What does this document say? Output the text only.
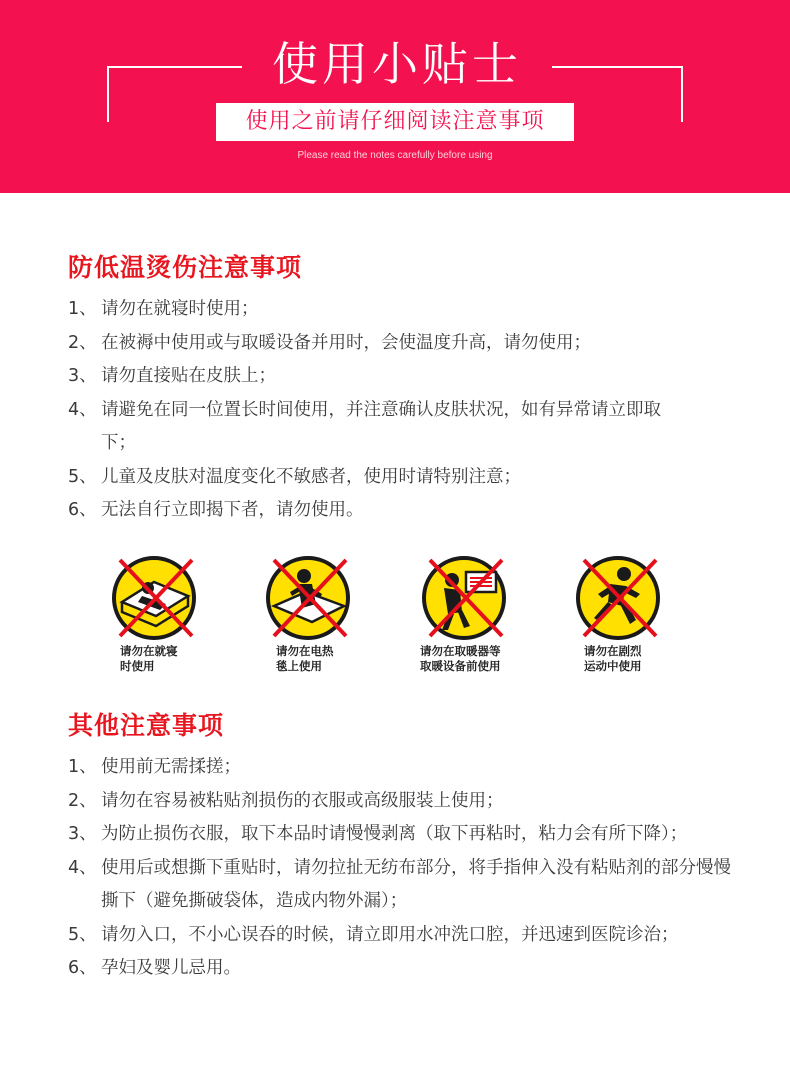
使用小贴士
使用之前请仔细阅读注意事项
Please read the notes carefully before using
防低温烫伤注意事项
1、 请勿在就寝时使用；
2、 在被褥中使用或与取暖设备并用时，会使温度升高，请勿使用；
3、 请勿直接贴在皮肤上；
4、 请避免在同一位置长时间使用，并注意确认皮肤状况，如有异常请立即取下；
5、 儿童及皮肤对温度变化不敏感者，使用时请特别注意；
6、 无法自行立即揭下者，请勿使用。
请勿在就寝
时使用
请勿在电热
毯上使用
请勿在取暖器等
取暖设备前使用
请勿在剧烈
运动中使用
其他注意事项
1、 使用前无需揉搓；
2、 请勿在容易被粘贴剂损伤的衣服或高级服装上使用；
3、 为防止损伤衣服，取下本品时请慢慢剥离（取下再粘时，粘力会有所下降）；
4、 使用后或想撕下重贴时，请勿拉扯无纺布部分，将手指伸入没有粘贴剂的部分慢慢撕下（避免撕破袋体，造成内物外漏）；
5、 请勿入口，不小心误吞的时候，请立即用水冲洗口腔，并迅速到医院诊治；
6、 孕妇及婴儿忌用。
